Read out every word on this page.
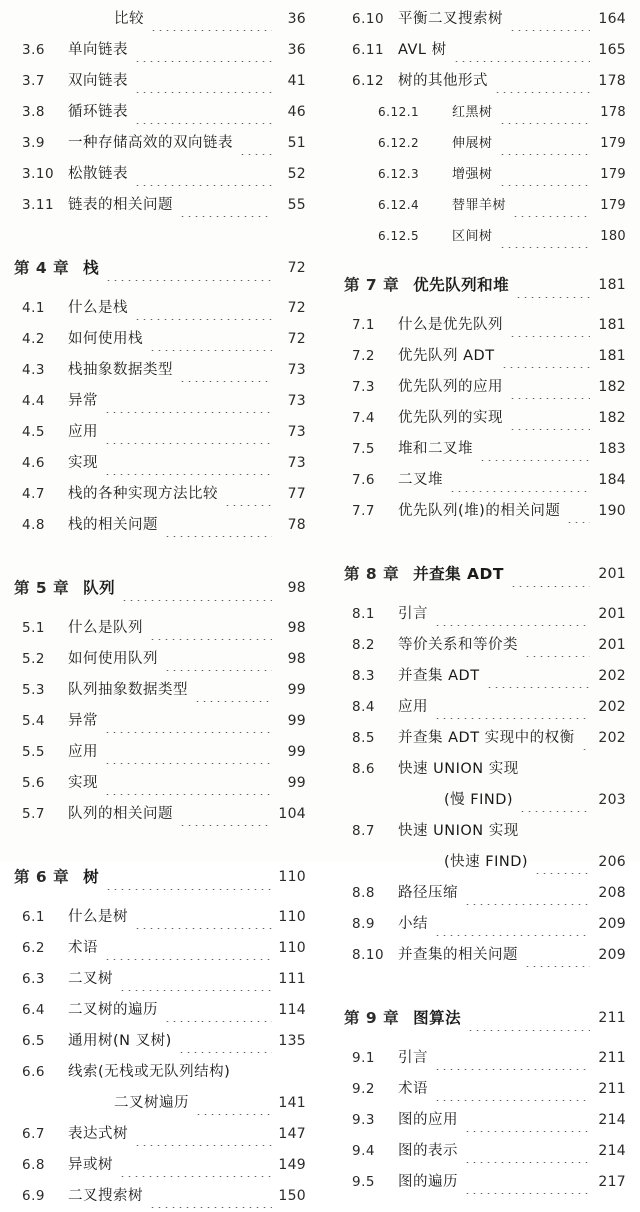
比较	36
3.6	单向链表	36
3.7	双向链表	41
3.8	循环链表	46
3.9	一种存储高效的双向链表	51
3.10 松散链表	52
3.11 链表的相关问题	55
第 4 章 栈	72
4.1	什么是栈	72
4.2	如何使用栈	72
4.3	栈抽象数据类型	73
4.4	异常	73
4.5	应用	73
4.6	实现	73
4.7	栈的各种实现方法比较	77
4.8	栈的相关问题	78
第 5 章 队列	98
5.1	什么是队列	98
5.2	如何使用队列	98
5.3	队列抽象数据类型	99
5.4	异常	99
5.5	应用	99
5.6	实现	99
5.7	队列的相关问题	104
第 6 章 树	110
6.1	什么是树	110
6.2	术语	110
6.3	二叉树	111
6.4	二叉树的遍历	114
6.5	通用树(N 叉树)	135
6.6	线索(无栈或无队列结构)
二叉树遍历	141
6.7	表达式树	147
6.8	异或树	149
6.9	二叉搜索树	150
6.10 平衡二叉搜索树	164
6.11 AVL 树	165
6.12 树的其他形式	178
6.12.1	红黑树	178
6.12.2	伸展树	179
6.12.3	增强树	179
6.12.4	替罪羊树	179
6.12.5	区间树	180
第 7 章 优先队列和堆	181
7.1	什么是优先队列	181
7.2	优先队列 ADT	181
7.3	优先队列的应用	182
7.4	优先队列的实现	182
7.5	堆和二叉堆	183
7.6	二叉堆	184
7.7	优先队列(堆)的相关问题	190
第 8 章 并查集 ADT	201
8.1	引言	201
8.2	等价关系和等价类	201
8.3	并查集 ADT	202
8.4	应用	202
8.5	并查集 ADT 实现中的权衡	202
8.6	快速 UNION 实现
(慢 FIND)	203
8.7	快速 UNION 实现
(快速 FIND)	206
8.8	路径压缩	208
8.9	小结	209
8.10 并查集的相关问题	209
第 9 章 图算法	211
9.1	引言	211
9.2	术语	211
9.3	图的应用	214
9.4	图的表示	214
9.5	图的遍历	217
